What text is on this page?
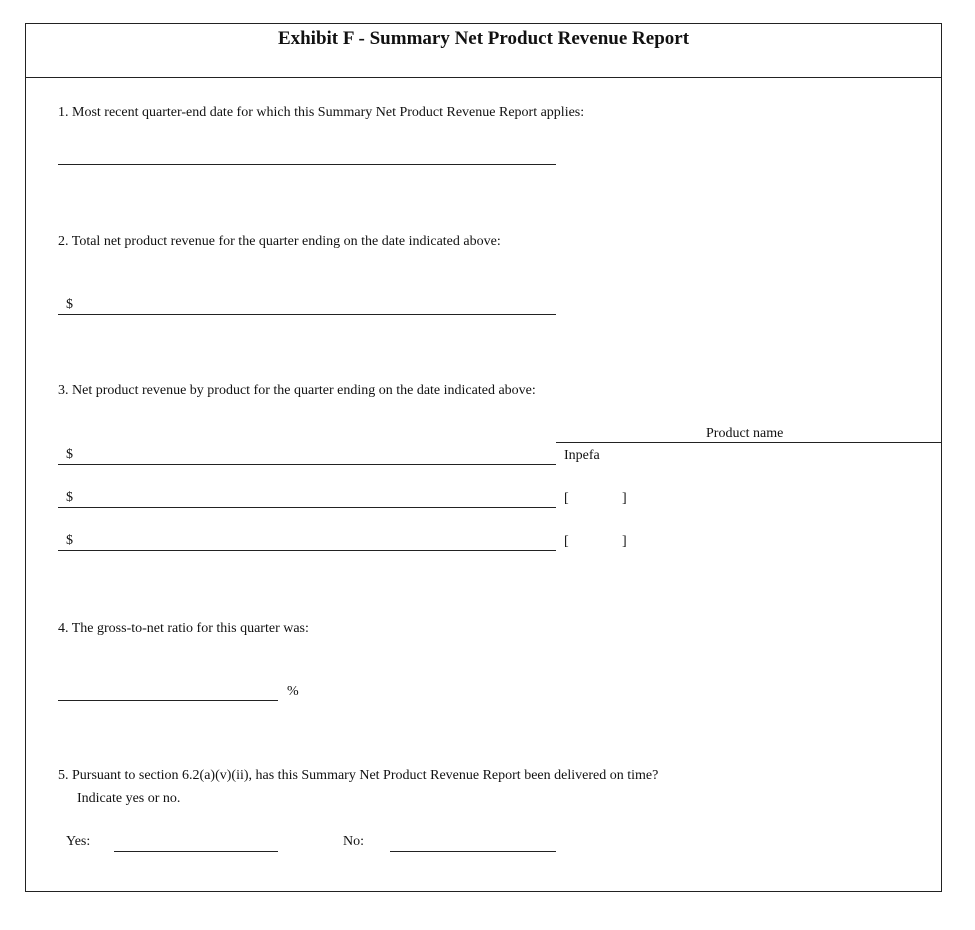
Exhibit F - Summary Net Product Revenue Report
1. Most recent quarter-end date for which this Summary Net Product Revenue Report applies:
2. Total net product revenue for the quarter ending on the date indicated above:
$
3. Net product revenue by product for the quarter ending on the date indicated above:
Product name
$	Inpefa
$	[	]
$	[	]
4. The gross-to-net ratio for this quarter was:
%
5. Pursuant to section 6.2(a)(v)(ii), has this Summary Net Product Revenue Report been delivered on time?
Indicate yes or no.
Yes:	No:
